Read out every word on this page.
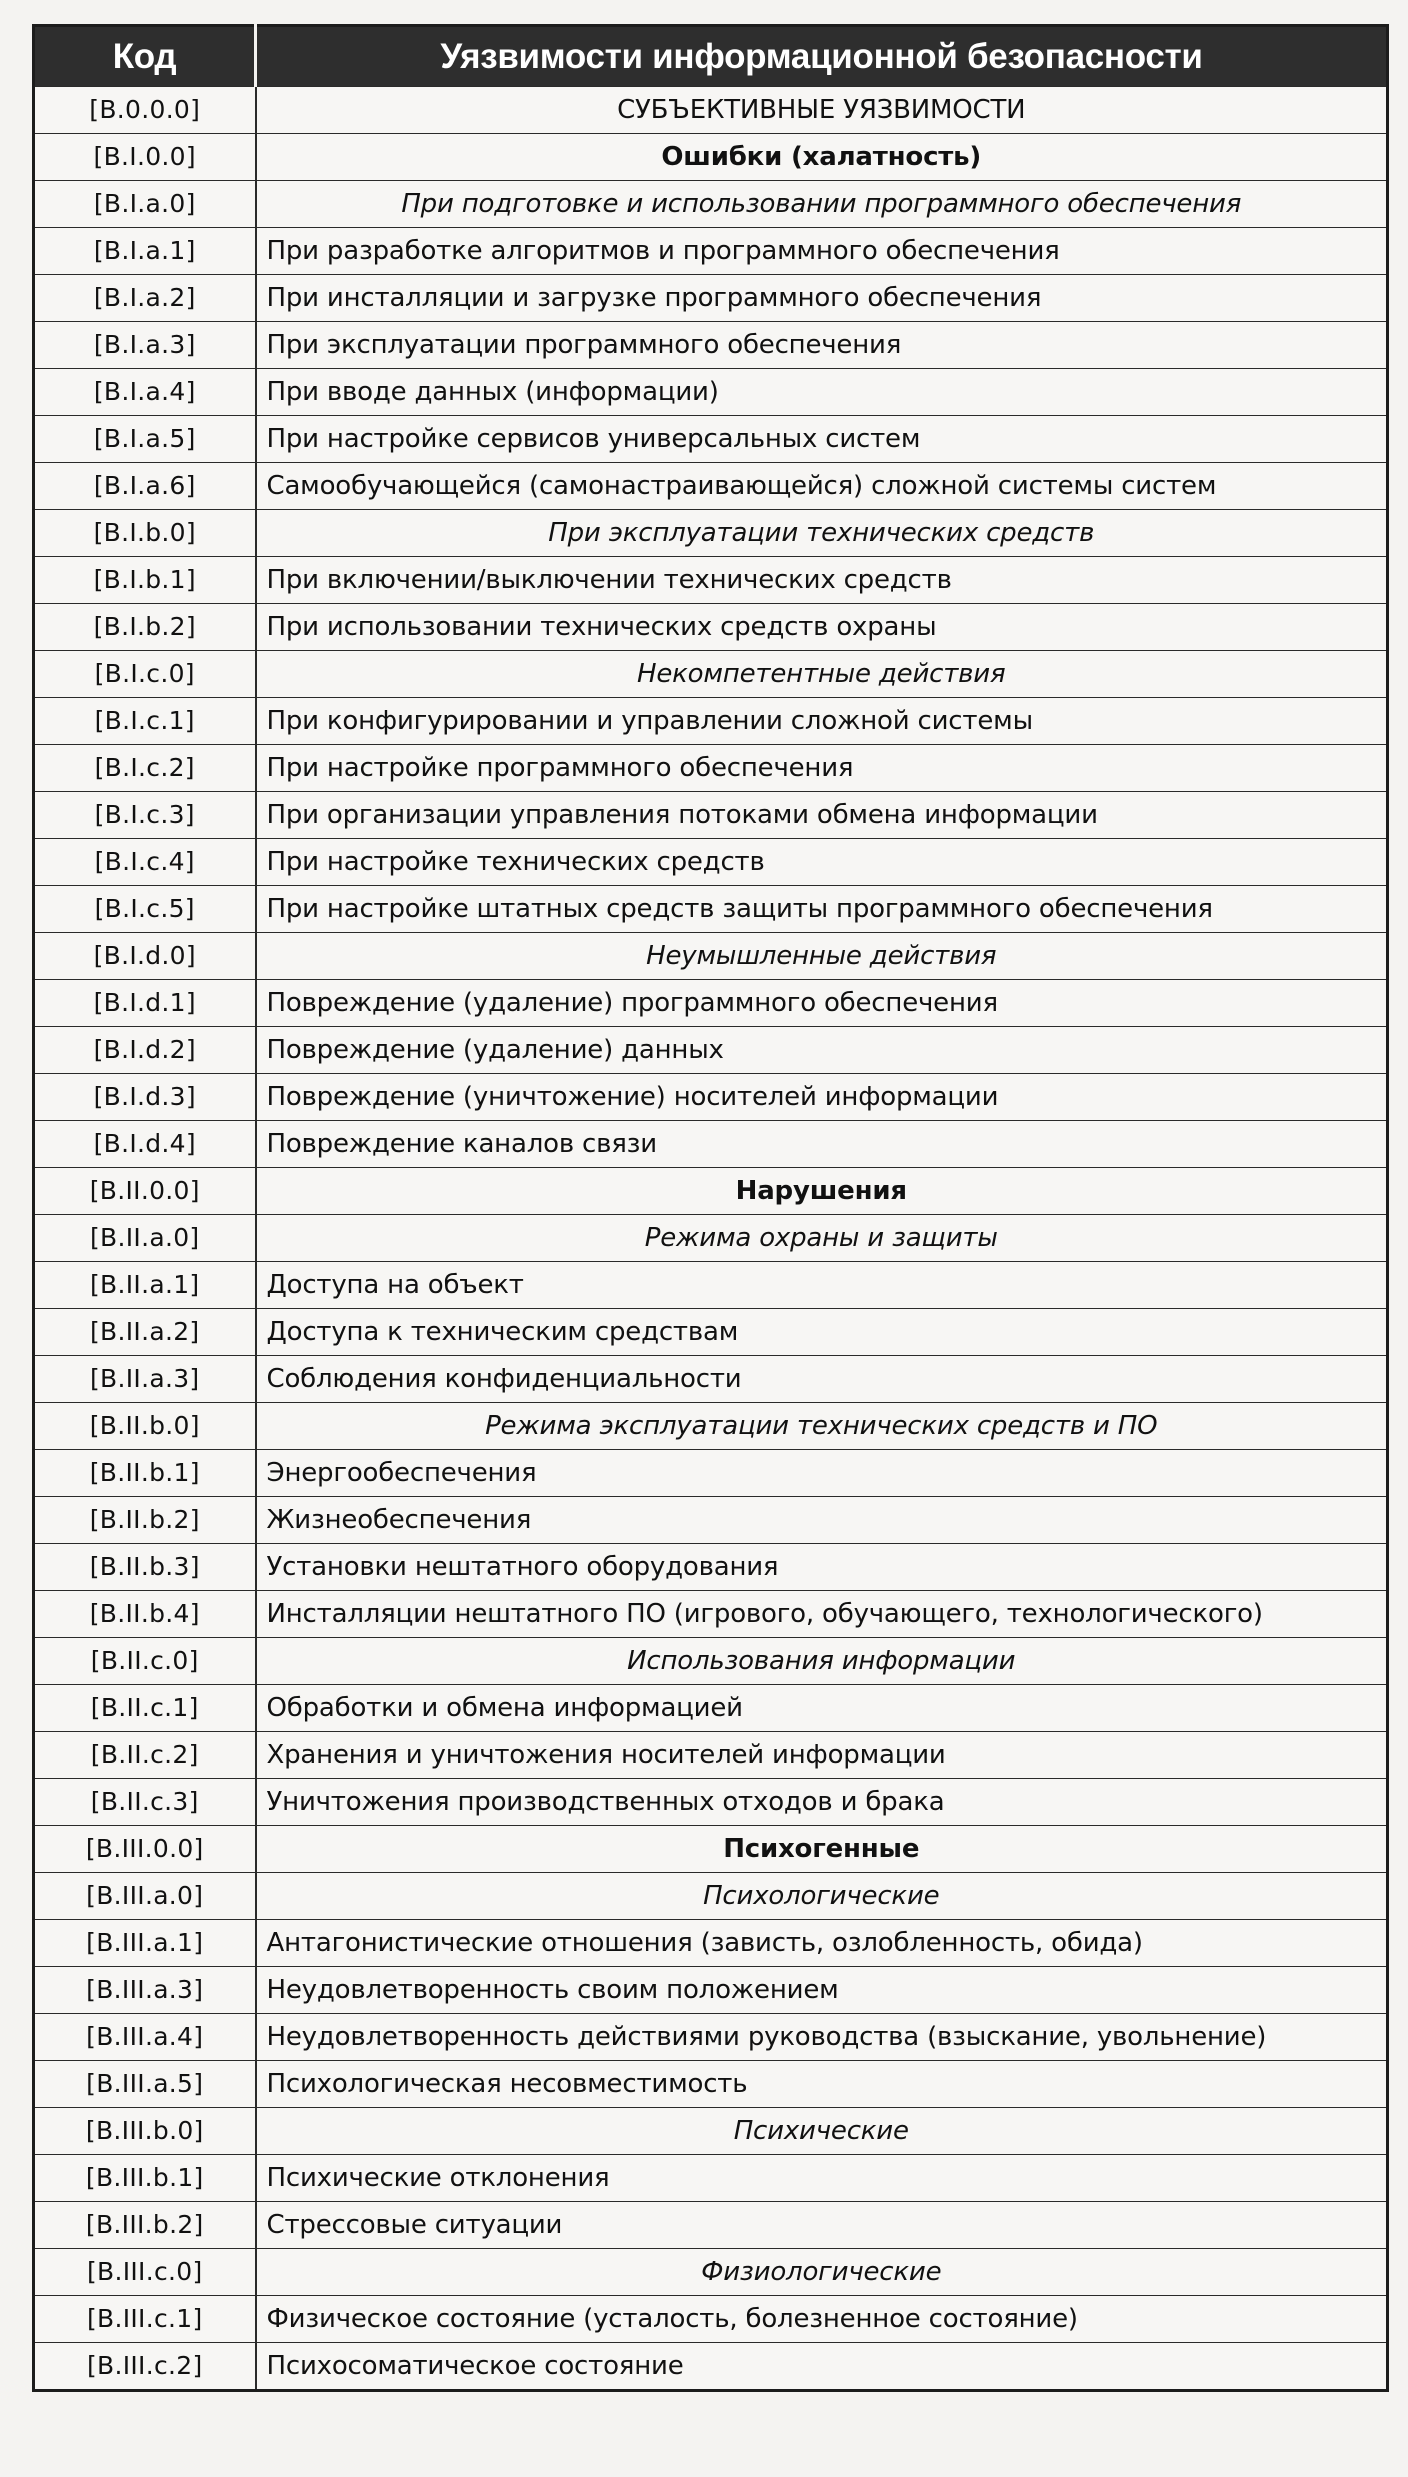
Код	Уязвимости информационной безопасности
[B.0.0.0]	СУБЪЕКТИВНЫЕ УЯЗВИМОСТИ
[B.I.0.0]	Ошибки (халатность)
[B.I.a.0]	При подготовке и использовании программного обеспечения
[B.I.a.1]	При разработке алгоритмов и программного обеспечения
[B.I.a.2]	При инсталляции и загрузке программного обеспечения
[B.I.a.3]	При эксплуатации программного обеспечения
[B.I.a.4]	При вводе данных (информации)
[B.I.a.5]	При настройке сервисов универсальных систем
[B.I.a.6]	Самообучающейся (самонастраивающейся) сложной системы систем
[B.I.b.0]	При эксплуатации технических средств
[B.I.b.1]	При включении/выключении технических средств
[B.I.b.2]	При использовании технических средств охраны
[B.I.c.0]	Некомпетентные действия
[B.I.c.1]	При конфигурировании и управлении сложной системы
[B.I.c.2]	При настройке программного обеспечения
[B.I.c.3]	При организации управления потоками обмена информации
[B.I.c.4]	При настройке технических средств
[B.I.c.5]	При настройке штатных средств защиты программного обеспечения
[B.I.d.0]	Неумышленные действия
[B.I.d.1]	Повреждение (удаление) программного обеспечения
[B.I.d.2]	Повреждение (удаление) данных
[B.I.d.3]	Повреждение (уничтожение) носителей информации
[B.I.d.4]	Повреждение каналов связи
[B.II.0.0]	Нарушения
[B.II.a.0]	Режима охраны и защиты
[B.II.a.1]	Доступа на объект
[B.II.a.2]	Доступа к техническим средствам
[B.II.a.3]	Соблюдения конфиденциальности
[B.II.b.0]	Режима эксплуатации технических средств и ПО
[B.II.b.1]	Энергообеспечения
[B.II.b.2]	Жизнеобеспечения
[B.II.b.3]	Установки нештатного оборудования
[B.II.b.4]	Инсталляции нештатного ПО (игрового, обучающего, технологического)
[B.II.c.0]	Использования информации
[B.II.c.1]	Обработки и обмена информацией
[B.II.c.2]	Хранения и уничтожения носителей информации
[B.II.c.3]	Уничтожения производственных отходов и брака
[B.III.0.0]	Психогенные
[B.III.a.0]	Психологические
[B.III.a.1]	Антагонистические отношения (зависть, озлобленность, обида)
[B.III.a.3]	Неудовлетворенность своим положением
[B.III.a.4]	Неудовлетворенность действиями руководства (взыскание, увольнение)
[B.III.a.5]	Психологическая несовместимость
[B.III.b.0]	Психические
[B.III.b.1]	Психические отклонения
[B.III.b.2]	Стрессовые ситуации
[B.III.c.0]	Физиологические
[B.III.c.1]	Физическое состояние (усталость, болезненное состояние)
[B.III.c.2]	Психосоматическое состояние
